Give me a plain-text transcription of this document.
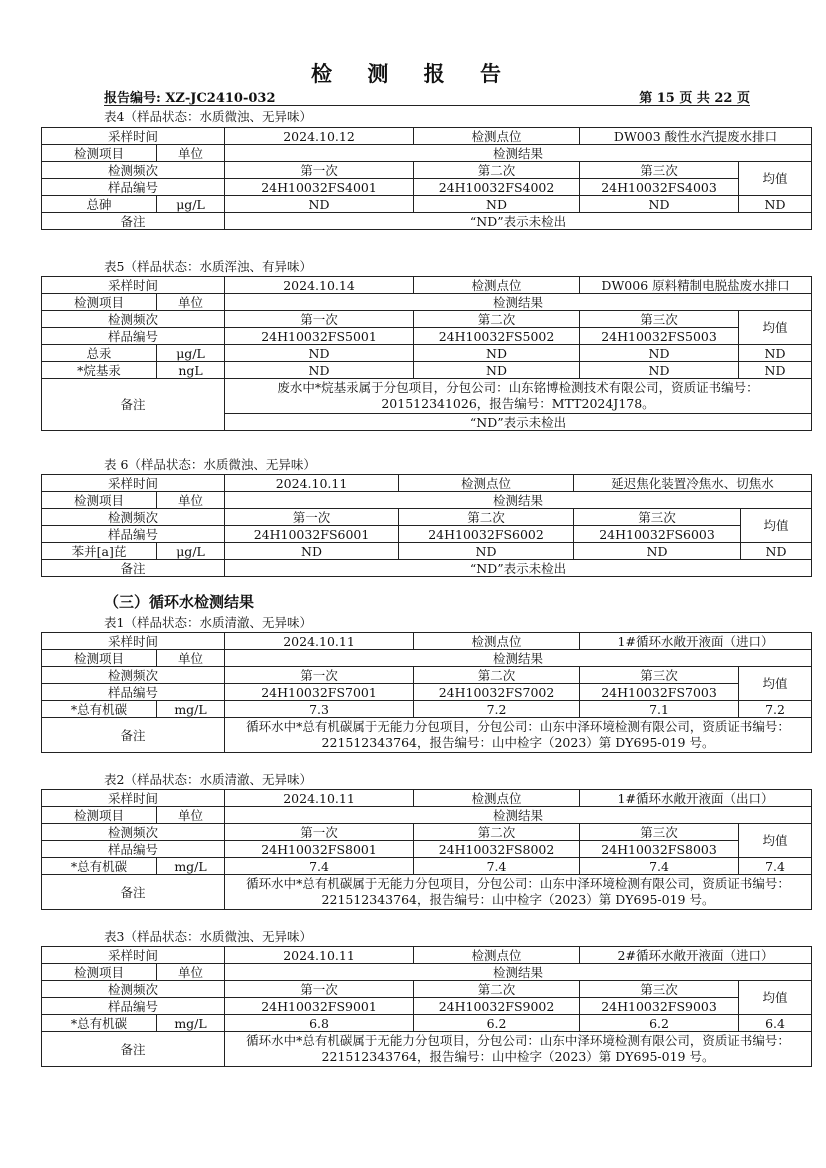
检 测 报 告
报告编号: XZ-JC2410-032	第 15 页 共 22 页
表4（样品状态：水质微浊、无异味）
采样时间		2024.10.12	检测点位	DW003 酸性水汽提废水排口	
检测项目	单位	检测结果			
检测频次		第一次	第二次	第三次	均值
样品编号		24H10032FS4001	24H10032FS4002	24H10032FS4003	
总砷	μg/L	ND	ND	ND	ND
备注		“ND”表示未检出			
表5（样品状态：水质浑浊、有异味）
采样时间		2024.10.14	检测点位	DW006 原料精制电脱盐废水排口	
检测项目	单位	检测结果			
检测频次		第一次	第二次	第三次	均值
样品编号		24H10032FS5001	24H10032FS5002	24H10032FS5003	
总汞	μg/L	ND	ND	ND	ND
*烷基汞	ngL	ND	ND	ND	ND
备注		废水中*烷基汞属于分包项目，分包公司：山东铭博检测技术有限公司，资质证书编号：201512341026，报告编号：MTT2024J178。			
		“ND”表示未检出			
表 6（样品状态：水质微浊、无异味）
采样时间		2024.10.11	检测点位	延迟焦化装置冷焦水、切焦水	
检测项目	单位	检测结果			
检测频次		第一次	第二次	第三次	均值
样品编号		24H10032FS6001	24H10032FS6002	24H10032FS6003	
苯并[a]芘	μg/L	ND	ND	ND	ND
备注		“ND”表示未检出			
（三）循环水检测结果
表1（样品状态：水质清澈、无异味）
采样时间		2024.10.11	检测点位	1#循环水敞开液面（进口）	
检测项目	单位	检测结果			
检测频次		第一次	第二次	第三次	均值
样品编号		24H10032FS7001	24H10032FS7002	24H10032FS7003	
*总有机碳	mg/L	7.3	7.2	7.1	7.2
备注		循环水中*总有机碳属于无能力分包项目，分包公司：山东中泽环境检测有限公司，资质证书编号：221512343764，报告编号：山中检字（2023）第 DY695-019 号。			
表2（样品状态：水质清澈、无异味）
采样时间		2024.10.11	检测点位	1#循环水敞开液面（出口）	
检测项目	单位	检测结果			
检测频次		第一次	第二次	第三次	均值
样品编号		24H10032FS8001	24H10032FS8002	24H10032FS8003	
*总有机碳	mg/L	7.4	7.4	7.4	7.4
备注		循环水中*总有机碳属于无能力分包项目，分包公司：山东中泽环境检测有限公司，资质证书编号：221512343764，报告编号：山中检字（2023）第 DY695-019 号。			
表3（样品状态：水质微浊、无异味）
采样时间		2024.10.11	检测点位	2#循环水敞开液面（进口）	
检测项目	单位	检测结果			
检测频次		第一次	第二次	第三次	均值
样品编号		24H10032FS9001	24H10032FS9002	24H10032FS9003	
*总有机碳	mg/L	6.8	6.2	6.2	6.4
备注		循环水中*总有机碳属于无能力分包项目，分包公司：山东中泽环境检测有限公司，资质证书编号：221512343764，报告编号：山中检字（2023）第 DY695-019 号。			
